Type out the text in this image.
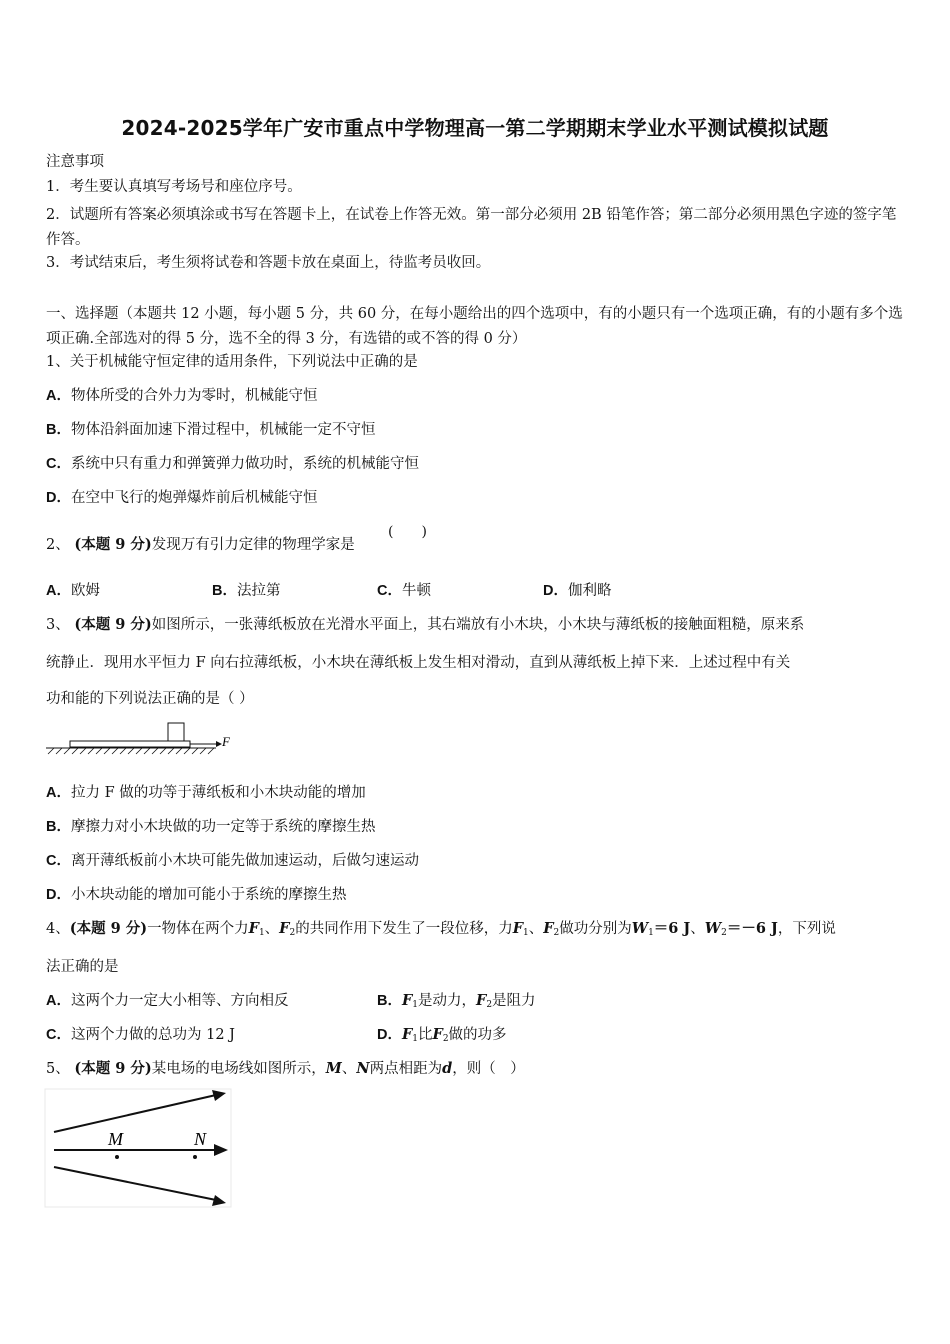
2024-2025学年广安市重点中学物理高一第二学期期末学业水平测试模拟试题
注意事项
1．考生要认真填写考场号和座位序号。
2．试题所有答案必须填涂或书写在答题卡上，在试卷上作答无效。第一部分必须用 2B 铅笔作答；第二部分必须用黑色字迹的签字笔作答。
3．考试结束后，考生须将试卷和答题卡放在桌面上，待监考员收回。
一、选择题（本题共 12 小题，每小题 5 分，共 60 分，在每小题给出的四个选项中，有的小题只有一个选项正确，有的小题有多个选项正确.全部选对的得 5 分，选不全的得 3 分，有选错的或不答的得 0 分）
1、关于机械能守恒定律的适用条件，下列说法中正确的是
A．物体所受的合外力为零时，机械能守恒
B．物体沿斜面加速下滑过程中，机械能一定不守恒
C．系统中只有重力和弹簧弹力做功时，系统的机械能守恒
D．在空中飞行的炮弹爆炸前后机械能守恒
2、 (本题 9 分)发现万有引力定律的物理学家是
(　　)
A．欧姆	B．法拉第	C．牛顿	D．伽利略
3、 (本题 9 分)如图所示，一张薄纸板放在光滑水平面上，其右端放有小木块，小木块与薄纸板的接触面粗糙，原来系
统静止．现用水平恒力 F 向右拉薄纸板，小木块在薄纸板上发生相对滑动，直到从薄纸板上掉下来．上述过程中有关
功和能的下列说法正确的是（ ）
F
A．拉力 F 做的功等于薄纸板和小木块动能的增加
B．摩擦力对小木块做的功一定等于系统的摩擦生热
C．离开薄纸板前小木块可能先做加速运动，后做匀速运动
D．小木块动能的增加可能小于系统的摩擦生热
4、(本题 9 分)一物体在两个力$F_1$、$F_2$的共同作用下发生了一段位移，力$F_1$、$F_2$做功分别为$W_1=6$ J、$W_2=-6$ J，下列说
法正确的是
A．这两个力一定大小相等、方向相反	B．$F_1$是动力，$F_2$是阻力
C．这两个力做的总功为 12 J	D．$F_1$比$F_2$做的功多
5、 (本题 9 分)某电场的电场线如图所示，M、N两点相距为d，则（　）
M	N
